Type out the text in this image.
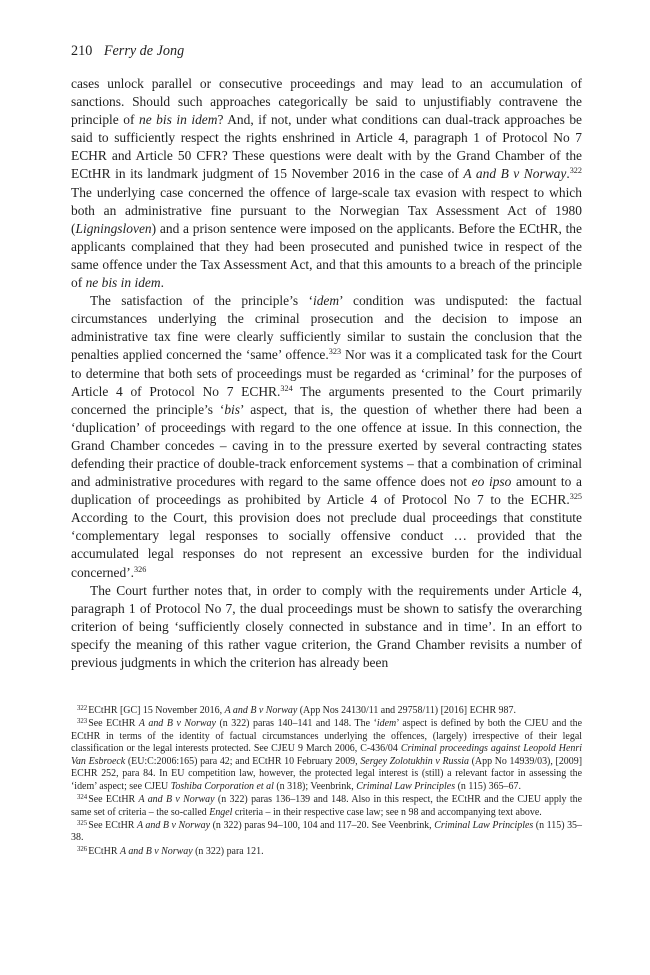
210 Ferry de Jong

cases unlock parallel or consecutive proceedings and may lead to an accumulation of sanctions. Should such approaches categorically be said to unjustifiably contravene the principle of ne bis in idem? And, if not, under what conditions can dual-track approaches be said to sufficiently respect the rights enshrined in Article 4, paragraph 1 of Protocol No 7 ECHR and Article 50 CFR? These questions were dealt with by the Grand Chamber of the ECtHR in its landmark judgment of 15 November 2016 in the case of A and B v Norway.$^{322}$ The underlying case concerned the offence of large-scale tax evasion with respect to which both an administrative fine pursuant to the Norwegian Tax Assessment Act of 1980 (Ligningsloven) and a prison sentence were imposed on the applicants. Before the ECtHR, the applicants complained that they had been prosecuted and punished twice in respect of the same offence under the Tax Assessment Act, and that this amounts to a breach of the principle of ne bis in idem.

The satisfaction of the principle’s ‘idem’ condition was undisputed: the factual circumstances underlying the criminal prosecution and the decision to impose an administrative tax fine were clearly sufficiently similar to sustain the conclusion that the penalties applied concerned the ‘same’ offence.$^{323}$ Nor was it a complicated task for the Court to determine that both sets of proceedings must be regarded as ‘criminal’ for the purposes of Article 4 of Protocol No 7 ECHR.$^{324}$ The arguments presented to the Court primarily concerned the principle’s ‘bis’ aspect, that is, the question of whether there had been a ‘duplication’ of proceedings with regard to the one offence at issue. In this connection, the Grand Chamber concedes – caving in to the pressure exerted by several contracting states defending their practice of double-track enforcement systems – that a combination of criminal and administrative procedures with regard to the same offence does not eo ipso amount to a duplication of proceedings as prohibited by Article 4 of Protocol No 7 to the ECHR.$^{325}$ According to the Court, this provision does not preclude dual proceedings that constitute ‘complementary legal responses to socially offensive conduct … provided that the accumulated legal responses do not represent an excessive burden for the individual concerned’.$^{326}$

The Court further notes that, in order to comply with the requirements under Article 4, paragraph 1 of Protocol No 7, the dual proceedings must be shown to satisfy the overarching criterion of being ‘sufficiently closely connected in substance and in time’. In an effort to specify the meaning of this rather vague criterion, the Grand Chamber revisits a number of previous judgments in which the criterion has already been

$^{322}$ECtHR [GC] 15 November 2016, A and B v Norway (App Nos 24130/11 and 29758/11) [2016] ECHR 987.

$^{323}$See ECtHR A and B v Norway (n 322) paras 140–141 and 148. The ‘idem’ aspect is defined by both the CJEU and the ECtHR in terms of the identity of factual circumstances underlying the offences, (largely) irrespective of their legal classification or the legal interests protected. See CJEU 9 March 2006, C-436/04 Criminal proceedings against Leopold Henri Van Esbroeck (EU:C:2006:165) para 42; and ECtHR 10 February 2009, Sergey Zolotukhin v Russia (App No 14939/03), [2009] ECHR 252, para 84. In EU competition law, however, the protected legal interest is (still) a relevant factor in assessing the ‘idem’ aspect; see CJEU Toshiba Corporation et al (n 318); Veenbrink, Criminal Law Principles (n 115) 365–67.

$^{324}$See ECtHR A and B v Norway (n 322) paras 136–139 and 148. Also in this respect, the ECtHR and the CJEU apply the same set of criteria – the so-called Engel criteria – in their respective case law; see n 98 and accompanying text above.

$^{325}$See ECtHR A and B v Norway (n 322) paras 94–100, 104 and 117–20. See Veenbrink, Criminal Law Principles (n 115) 35–38.

$^{326}$ECtHR A and B v Norway (n 322) para 121.
